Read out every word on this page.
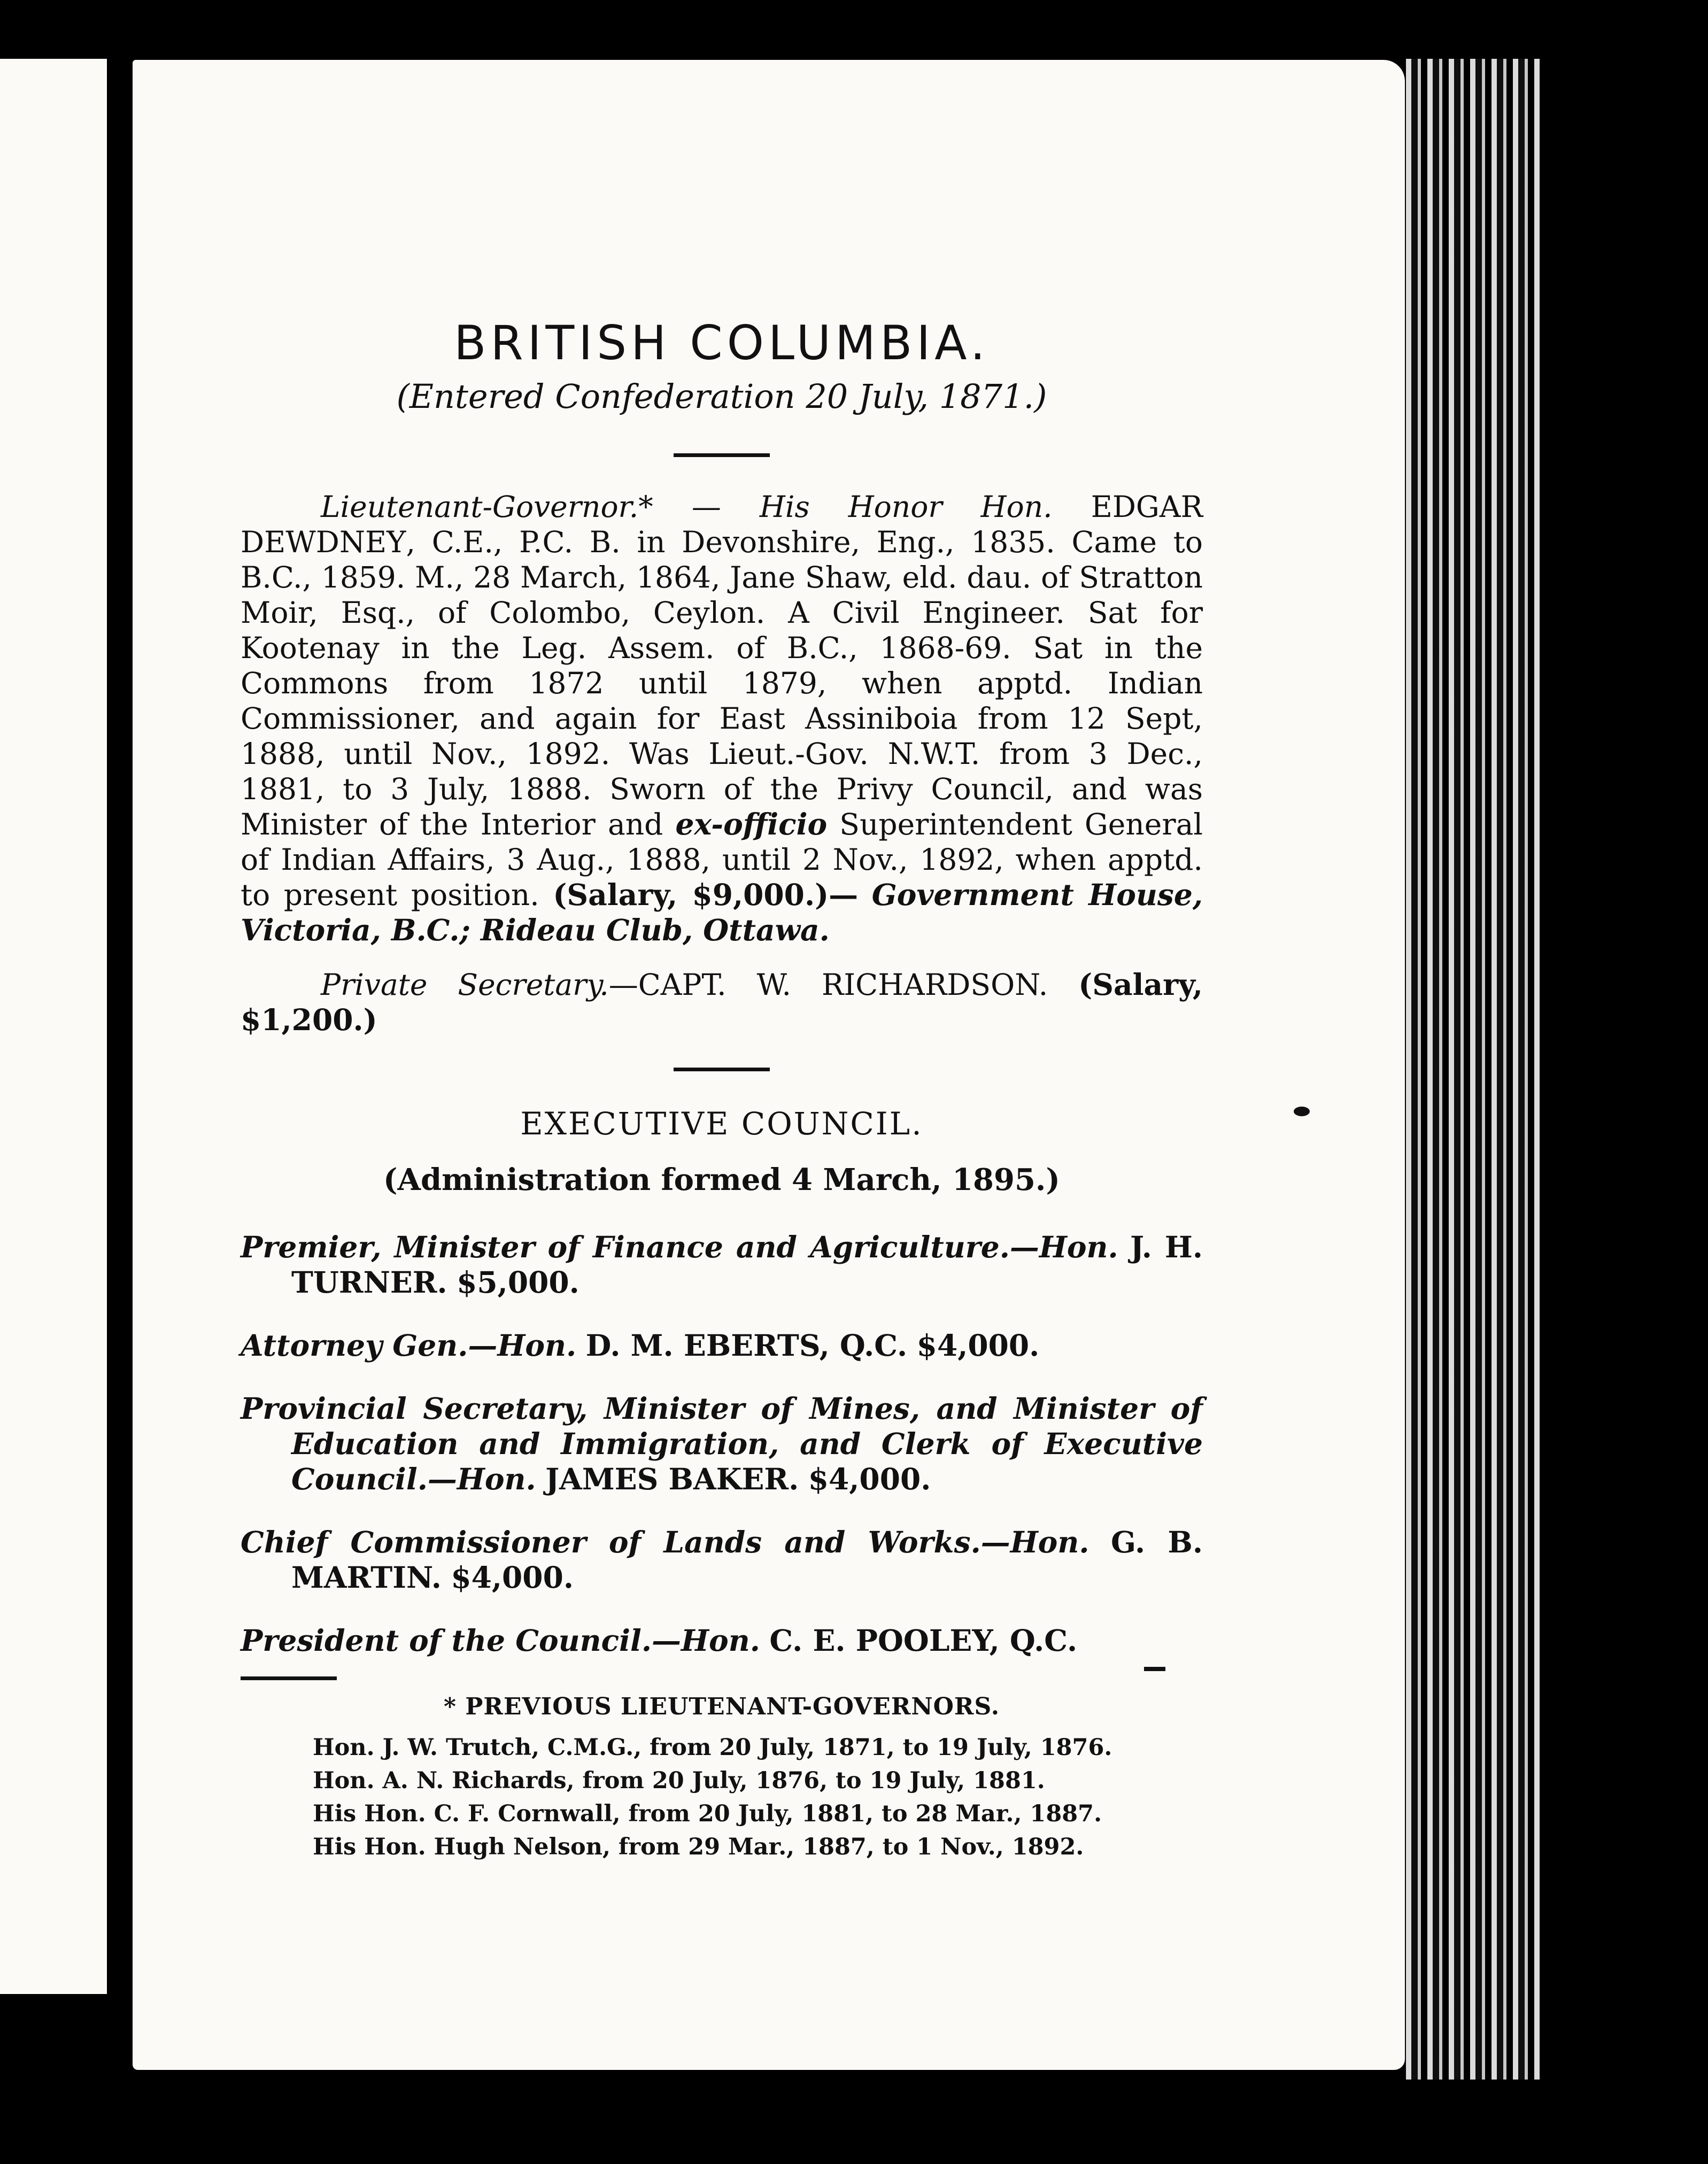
BRITISH COLUMBIA.
(Entered Confederation 20 July, 1871.)

Lieutenant-Governor.* — His Honor Hon. EDGAR DEWDNEY, C.E., P.C. B. in Devonshire, Eng., 1835. Came to B.C., 1859. M., 28 March, 1864, Jane Shaw, eld. dau. of Stratton Moir, Esq., of Colombo, Ceylon. A Civil Engineer. Sat for Kootenay in the Leg. Assem. of B.C., 1868-69. Sat in the Commons from 1872 until 1879, when apptd. Indian Commissioner, and again for East Assiniboia from 12 Sept, 1888, until Nov., 1892. Was Lieut.-Gov. N.W.T. from 3 Dec., 1881, to 3 July, 1888. Sworn of the Privy Council, and was Minister of the Interior and ex-officio Superintendent General of Indian Affairs, 3 Aug., 1888, until 2 Nov., 1892, when apptd. to present position. (Salary, $9,000.)— Government House, Victoria, B.C.; Rideau Club, Ottawa.

Private Secretary.—CAPT. W. RICHARDSON. (Salary, $1,200.)

EXECUTIVE COUNCIL.
(Administration formed 4 March, 1895.)
Premier, Minister of Finance and Agriculture.—Hon. J. H. TURNER. $5,000.
Attorney Gen.—Hon. D. M. EBERTS, Q.C. $4,000.
Provincial Secretary, Minister of Mines, and Minister of Education and Immigration, and Clerk of Executive Council.—Hon. JAMES BAKER. $4,000.
Chief Commissioner of Lands and Works.—Hon. G. B. MARTIN. $4,000.
President of the Council.—Hon. C. E. POOLEY, Q.C.
* PREVIOUS LIEUTENANT-GOVERNORS.
Hon. J. W. Trutch, C.M.G., from 20 July, 1871, to 19 July, 1876.
Hon. A. N. Richards, from 20 July, 1876, to 19 July, 1881.
His Hon. C. F. Cornwall, from 20 July, 1881, to 28 Mar., 1887.
His Hon. Hugh Nelson, from 29 Mar., 1887, to 1 Nov., 1892.
